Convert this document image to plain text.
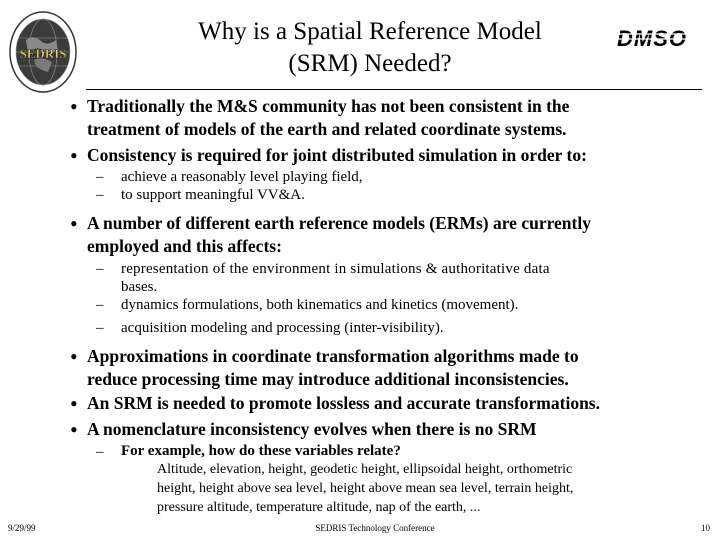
SEDRIS
DMSO
Why is a Spatial Reference Model
(SRM) Needed?
• Traditionally the M&S community has not been consistent in the
treatment of models of the earth and related coordinate systems.
• Consistency is required for joint distributed simulation in order to:
– achieve a reasonably level playing field,
– to support meaningful VV&A.
• A number of different earth reference models (ERMs) are currently
employed and this affects:
– representation of the environment in simulations & authoritative data
bases.
– dynamics formulations, both kinematics and kinetics (movement).
– acquisition modeling and processing (inter-visibility).
• Approximations in coordinate transformation algorithms made to
reduce processing time may introduce additional inconsistencies.
• An SRM is needed to promote lossless and accurate transformations.
• A nomenclature inconsistency evolves when there is no SRM
– For example, how do these variables relate?
Altitude, elevation, height, geodetic height, ellipsoidal height, orthometric
height, height above sea level, height above mean sea level, terrain height,
pressure altitude, temperature altitude, nap of the earth, ...
9/29/99	SEDRIS Technology Conference	10
